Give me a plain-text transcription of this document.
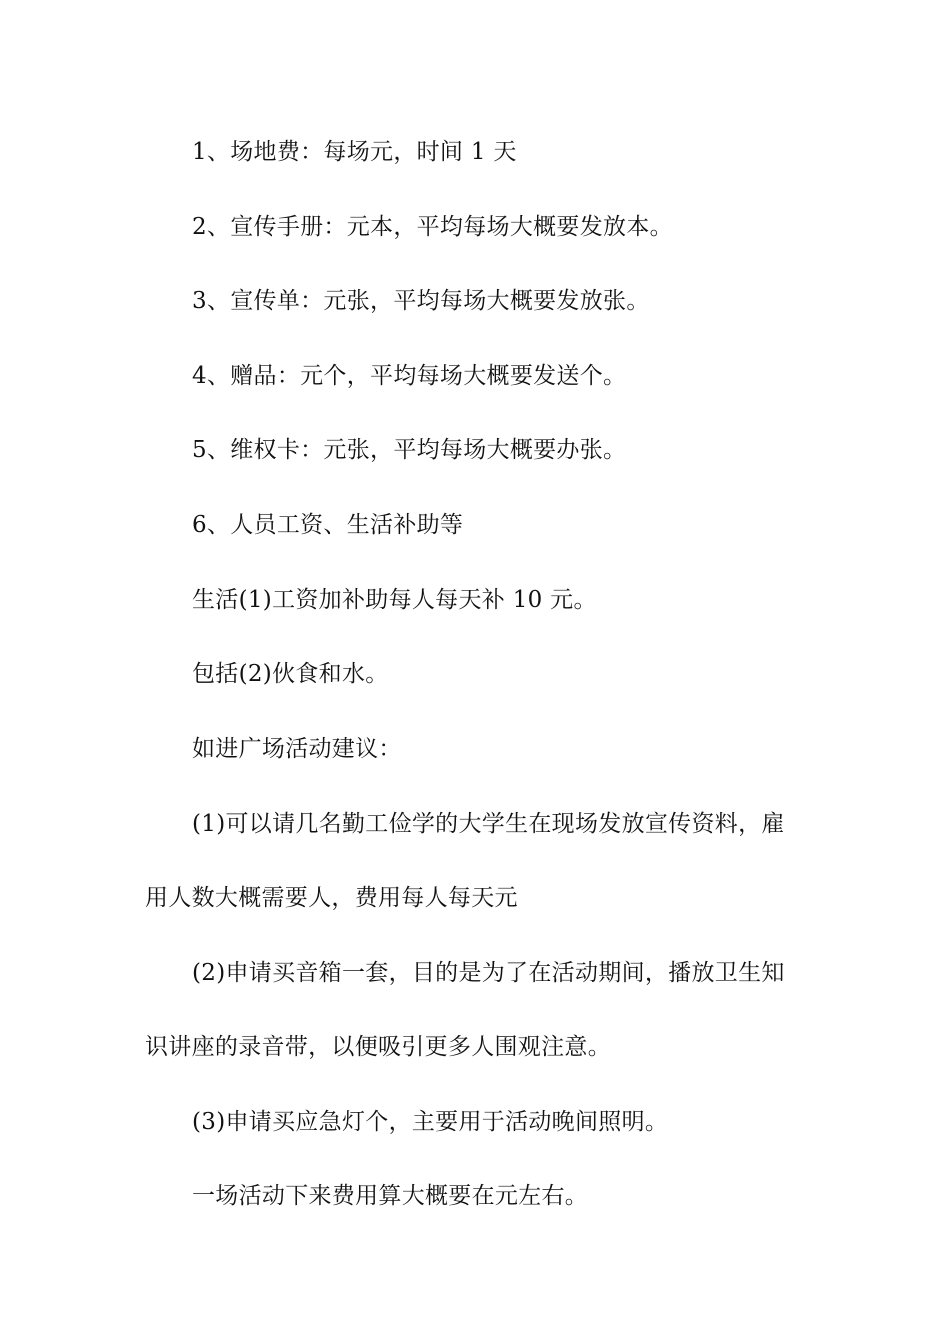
1、场地费：每场元，时间 1 天
2、宣传手册：元本，平均每场大概要发放本。
3、宣传单：元张，平均每场大概要发放张。
4、赠品：元个，平均每场大概要发送个。
5、维权卡：元张，平均每场大概要办张。
6、人员工资、生活补助等
生活(1)工资加补助每人每天补 10 元。
包括(2)伙食和水。
如进广场活动建议：
(1)可以请几名勤工俭学的大学生在现场发放宣传资料，雇
用人数大概需要人，费用每人每天元
(2)申请买音箱一套，目的是为了在活动期间，播放卫生知
识讲座的录音带，以便吸引更多人围观注意。
(3)申请买应急灯个，主要用于活动晚间照明。
一场活动下来费用算大概要在元左右。
